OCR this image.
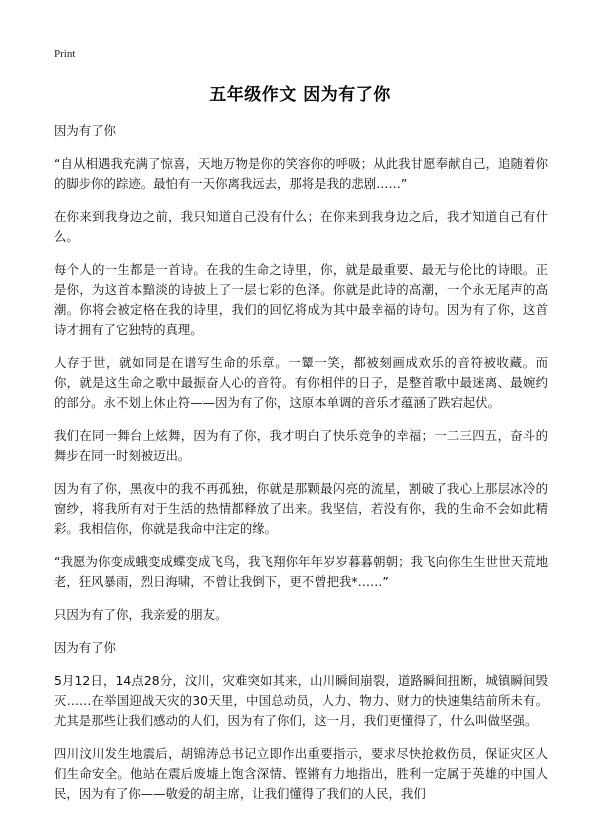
Print
五年级作文 因为有了你

因为有了你

“自从相遇我充满了惊喜，天地万物是你的笑容你的呼吸；从此我甘愿奉献自己，追随着你的脚步你的踪迹。最怕有一天你离我远去，那将是我的悲剧……”

在你来到我身边之前，我只知道自己没有什么；在你来到我身边之后，我才知道自己有什么。

每个人的一生都是一首诗。在我的生命之诗里，你，就是最重要、最无与伦比的诗眼。正是你，为这首本黯淡的诗披上了一层七彩的色泽。你就是此诗的高潮，一个永无尾声的高潮。你将会被定格在我的诗里，我们的回忆将成为其中最幸福的诗句。因为有了你，这首诗才拥有了它独特的真理。

人存于世，就如同是在谱写生命的乐章。一颦一笑，都被刻画成欢乐的音符被收藏。而你，就是这生命之歌中最振奋人心的音符。有你相伴的日子，是整首歌中最迷离、最婉约的部分。永不划上休止符——因为有了你，这原本单调的音乐才蕴涵了跌宕起伏。

我们在同一舞台上炫舞，因为有了你，我才明白了快乐竞争的幸福；一二三四五，奋斗的舞步在同一时刻被迈出。

因为有了你，黑夜中的我不再孤独，你就是那颗最闪亮的流星，割破了我心上那层冰冷的窗纱，将我所有对于生活的热情都释放了出来。我坚信，若没有你，我的生命不会如此精彩。我相信你，你就是我命中注定的缘。

“我愿为你变成蛾变成蝶变成飞鸟，我飞翔你年年岁岁暮暮朝朝；我飞向你生生世世天荒地老，狂风暴雨，烈日海啸，不曾让我倒下，更不曾把我*……”

只因为有了你，我亲爱的朋友。

因为有了你

5月12日，14点28分，汶川，灾难突如其来，山川瞬间崩裂，道路瞬间扭断，城镇瞬间毁灭……在举国迎战天灾的30天里，中国总动员，人力、物力、财力的快速集结前所未有。尤其是那些让我们感动的人们，因为有了你们，这一月，我们更懂得了，什么叫做坚强。

四川汶川发生地震后，胡锦涛总书记立即作出重要指示，要求尽快抢救伤员，保证灾区人们生命安全。他站在震后废墟上饱含深情、铿锵有力地指出，胜利一定属于英雄的中国人民，因为有了你——敬爱的胡主席，让我们懂得了我们的人民，我们
